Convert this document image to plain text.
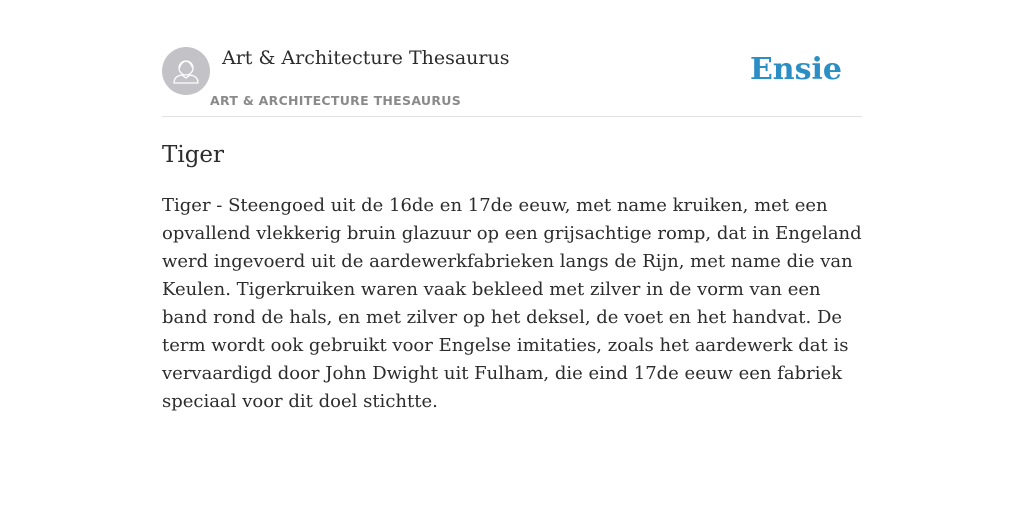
Art & Architecture Thesaurus
ART & ARCHITECTURE THESAURUS
Ensie
Tiger

Tiger - Steengoed uit de 16de en 17de eeuw, met name kruiken, met een opvallend vlekkerig bruin glazuur op een grijsachtige romp, dat in Engeland werd ingevoerd uit de aardewerkfabrieken langs de Rijn, met name die van Keulen. Tigerkruiken waren vaak bekleed met zilver in de vorm van een band rond de hals, en met zilver op het deksel, de voet en het handvat. De term wordt ook gebruikt voor Engelse imitaties, zoals het aardewerk dat is vervaardigd door John Dwight uit Fulham, die eind 17de eeuw een fabriek speciaal voor dit doel stichtte.
